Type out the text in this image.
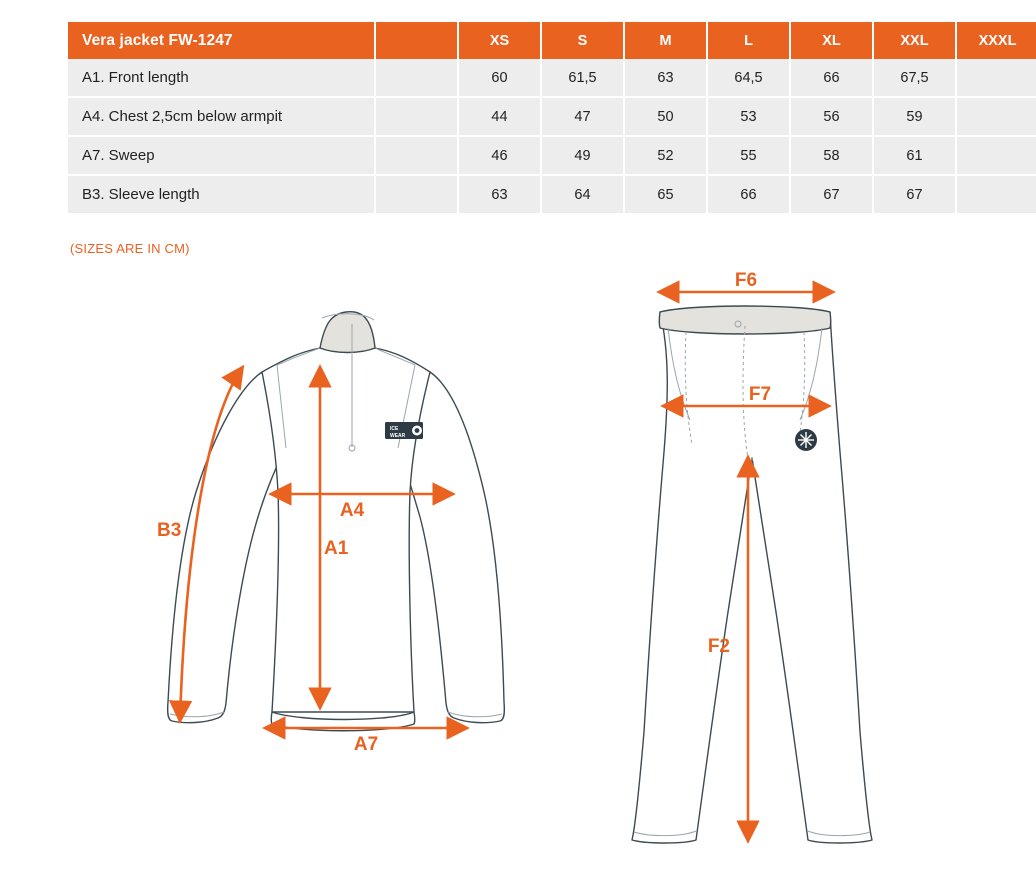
Vera jacket FW-1247		XS	S	M	L	XL	XXL	XXXL
A1. Front length		60	61,5	63	64,5	66	67,5	
A4. Chest 2,5cm below armpit		44	47	50	53	56	59	
A7. Sweep		46	49	52	55	58	61	
B3. Sleeve length		63	64	65	66	67	67	
(SIZES ARE IN CM)
ICE
WEAR
B3
A4
A1
A7
F6
F7
F2
